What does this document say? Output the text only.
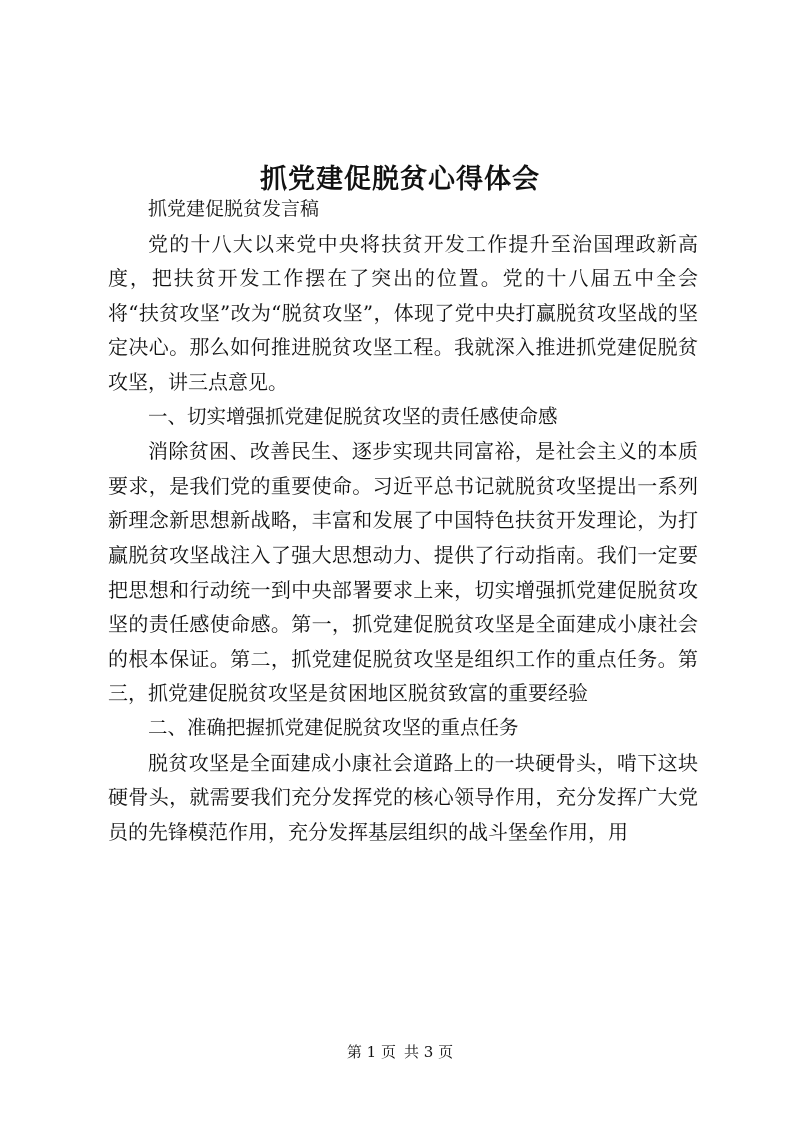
抓党建促脱贫心得体会

抓党建促脱贫发言稿

党的十八大以来党中央将扶贫开发工作提升至治国理政新高度，把扶贫开发工作摆在了突出的位置。党的十八届五中全会将“扶贫攻坚”改为“脱贫攻坚”，体现了党中央打赢脱贫攻坚战的坚定决心。那么如何推进脱贫攻坚工程。我就深入推进抓党建促脱贫攻坚，讲三点意见。

一、切实增强抓党建促脱贫攻坚的责任感使命感

消除贫困、改善民生、逐步实现共同富裕，是社会主义的本质要求，是我们党的重要使命。习近平总书记就脱贫攻坚提出一系列新理念新思想新战略，丰富和发展了中国特色扶贫开发理论，为打赢脱贫攻坚战注入了强大思想动力、提供了行动指南。我们一定要把思想和行动统一到中央部署要求上来，切实增强抓党建促脱贫攻坚的责任感使命感。第一，抓党建促脱贫攻坚是全面建成小康社会的根本保证。第二，抓党建促脱贫攻坚是组织工作的重点任务。第三，抓党建促脱贫攻坚是贫困地区脱贫致富的重要经验

二、准确把握抓党建促脱贫攻坚的重点任务

脱贫攻坚是全面建成小康社会道路上的一块硬骨头，啃下这块硬骨头，就需要我们充分发挥党的核心领导作用，充分发挥广大党员的先锋模范作用，充分发挥基层组织的战斗堡垒作用，用

第 1 页 共 3 页
